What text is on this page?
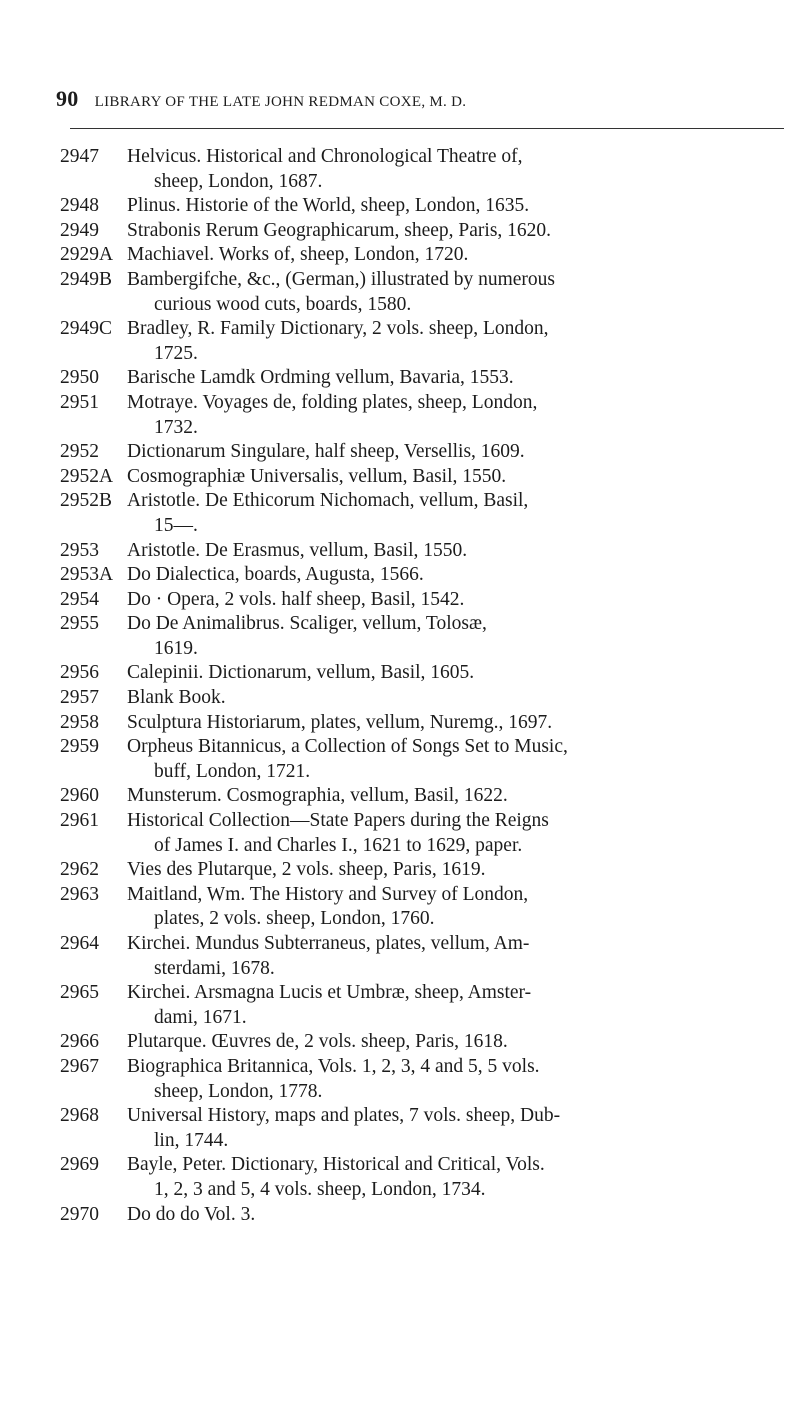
90 LIBRARY OF THE LATE JOHN REDMAN COXE, M. D.
2947	Helvicus. Historical and Chronological Theatre of,
sheep, London, 1687.
2948	Plinus. Historie of the World, sheep, London, 1635.
2949	Strabonis Rerum Geographicarum, sheep, Paris, 1620.
2929A Machiavel. Works of, sheep, London, 1720.
2949B Bambergifche, &c., (German,) illustrated by numerous
curious wood cuts, boards, 1580.
2949C Bradley, R. Family Dictionary, 2 vols. sheep, London,
1725.
2950	Barische Lamdk Ordming vellum, Bavaria, 1553.
2951	Motraye. Voyages de, folding plates, sheep, London,
1732.
2952	Dictionarum Singulare, half sheep, Versellis, 1609.
2952A Cosmographiæ Universalis, vellum, Basil, 1550.
2952B Aristotle. De Ethicorum Nichomach, vellum, Basil,
15—.
2953	Aristotle. De Erasmus, vellum, Basil, 1550.
2953A Do Dialectica, boards, Augusta, 1566.
2954	Do · Opera, 2 vols. half sheep, Basil, 1542.
2955	Do De Animalibrus. Scaliger, vellum, Tolosæ,
1619.
2956	Calepinii. Dictionarum, vellum, Basil, 1605.
2957	Blank Book.
2958	Sculptura Historiarum, plates, vellum, Nuremg., 1697.
2959	Orpheus Bitannicus, a Collection of Songs Set to Music,
buff, London, 1721.
2960	Munsterum. Cosmographia, vellum, Basil, 1622.
2961	Historical Collection—State Papers during the Reigns
of James I. and Charles I., 1621 to 1629, paper.
2962	Vies des Plutarque, 2 vols. sheep, Paris, 1619.
2963	Maitland, Wm. The History and Survey of London,
plates, 2 vols. sheep, London, 1760.
2964	Kirchei. Mundus Subterraneus, plates, vellum, Am-
sterdami, 1678.
2965	Kirchei. Arsmagna Lucis et Umbræ, sheep, Amster-
dami, 1671.
2966	Plutarque. Œuvres de, 2 vols. sheep, Paris, 1618.
2967	Biographica Britannica, Vols. 1, 2, 3, 4 and 5, 5 vols.
sheep, London, 1778.
2968	Universal History, maps and plates, 7 vols. sheep, Dub-
lin, 1744.
2969	Bayle, Peter. Dictionary, Historical and Critical, Vols.
1, 2, 3 and 5, 4 vols. sheep, London, 1734.
2970	Do do do Vol. 3.
